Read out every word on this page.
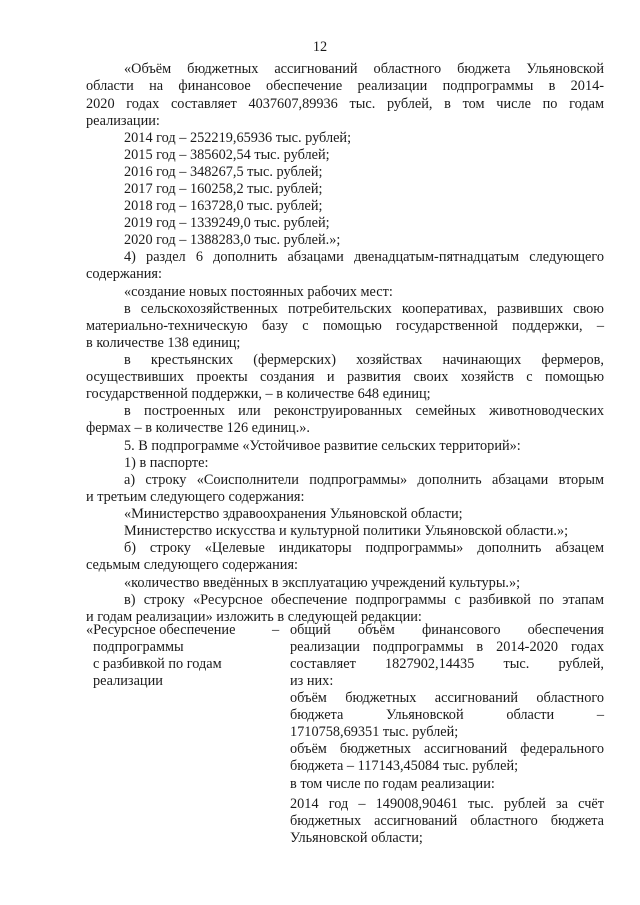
12
«Объём бюджетных ассигнований областного бюджета Ульяновской
области на финансовое обеспечение реализации подпрограммы в 2014-
2020 годах составляет 4037607,89936 тыс. рублей, в том числе по годам
реализации:
2014 год – 252219,65936 тыс. рублей;
2015 год – 385602,54 тыс. рублей;
2016 год – 348267,5 тыс. рублей;
2017 год – 160258,2 тыс. рублей;
2018 год – 163728,0 тыс. рублей;
2019 год – 1339249,0 тыс. рублей;
2020 год – 1388283,0 тыс. рублей.»;
4) раздел 6 дополнить абзацами двенадцатым-пятнадцатым следующего
содержания:
«создание новых постоянных рабочих мест:
в сельскохозяйственных потребительских кооперативах, развивших свою
материально-техническую базу с помощью государственной поддержки, –
в количестве 138 единиц;
в крестьянских (фермерских) хозяйствах начинающих фермеров,
осуществивших проекты создания и развития своих хозяйств с помощью
государственной поддержки, – в количестве 648 единиц;
в построенных или реконструированных семейных животноводческих
фермах – в количестве 126 единиц.».
5. В подпрограмме «Устойчивое развитие сельских территорий»:
1) в паспорте:
а) строку «Соисполнители подпрограммы» дополнить абзацами вторым
и третьим следующего содержания:
«Министерство здравоохранения Ульяновской области;
Министерство искусства и культурной политики Ульяновской области.»;
б) строку «Целевые индикаторы подпрограммы» дополнить абзацем
седьмым следующего содержания:
«количество введённых в эксплуатацию учреждений культуры.»;
в) строку «Ресурсное обеспечение подпрограммы с разбивкой по этапам
и годам реализации» изложить в следующей редакции:
«Ресурсное обеспечение
подпрограммы
с разбивкой по годам
реализации
– общий объём финансового обеспечения
реализации подпрограммы в 2014-2020 годах
составляет 1827902,14435 тыс. рублей,
из них:
объём бюджетных ассигнований областного
бюджета Ульяновской области –
1710758,69351 тыс. рублей;
объём бюджетных ассигнований федерального
бюджета – 117143,45084 тыс. рублей;
в том числе по годам реализации:
2014 год – 149008,90461 тыс. рублей за счёт
бюджетных ассигнований областного бюджета
Ульяновской области;
